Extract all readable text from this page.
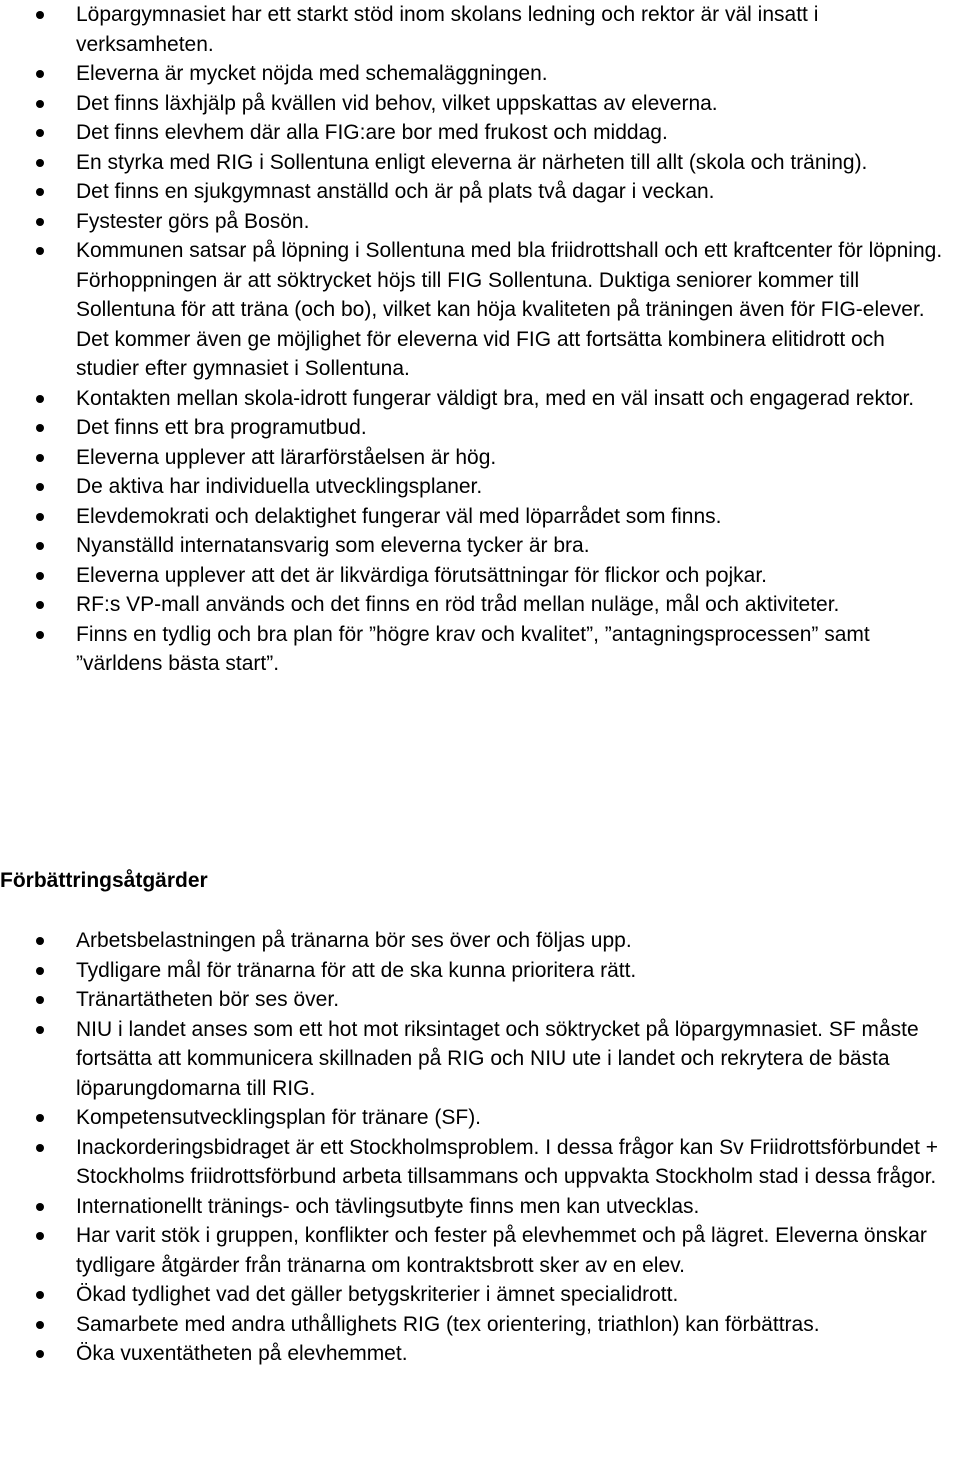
Löpargymnasiet har ett starkt stöd inom skolans ledning och rektor är väl insatt i verksamheten.
Eleverna är mycket nöjda med schemaläggningen.
Det finns läxhjälp på kvällen vid behov, vilket uppskattas av eleverna.
Det finns elevhem där alla FIG:are bor med frukost och middag.
En styrka med RIG i Sollentuna enligt eleverna är närheten till allt (skola och träning).
Det finns en sjukgymnast anställd och är på plats två dagar i veckan.
Fystester görs på Bosön.
Kommunen satsar på löpning i Sollentuna med bla friidrottshall och ett kraftcenter för löpning. Förhoppningen är att söktrycket höjs till FIG Sollentuna. Duktiga seniorer kommer till Sollentuna för att träna (och bo), vilket kan höja kvaliteten på träningen även för FIG-elever. Det kommer även ge möjlighet för eleverna vid FIG att fortsätta kombinera elitidrott och studier efter gymnasiet i Sollentuna.
Kontakten mellan skola-idrott fungerar väldigt bra, med en väl insatt och engagerad rektor.
Det finns ett bra programutbud.
Eleverna upplever att lärarförståelsen är hög.
De aktiva har individuella utvecklingsplaner.
Elevdemokrati och delaktighet fungerar väl med löparrådet som finns.
Nyanställd internatansvarig som eleverna tycker är bra.
Eleverna upplever att det är likvärdiga förutsättningar för flickor och pojkar.
RF:s VP-mall används och det finns en röd tråd mellan nuläge, mål och aktiviteter.
Finns en tydlig och bra plan för ”högre krav och kvalitet”, ”antagningsprocessen” samt ”världens bästa start”.
Förbättringsåtgärder
Arbetsbelastningen på tränarna bör ses över och följas upp.
Tydligare mål för tränarna för att de ska kunna prioritera rätt.
Tränartätheten bör ses över.
NIU i landet anses som ett hot mot riksintaget och söktrycket på löpargymnasiet. SF måste fortsätta att kommunicera skillnaden på RIG och NIU ute i landet och rekrytera de bästa löparungdomarna till RIG.
Kompetensutvecklingsplan för tränare (SF).
Inackorderingsbidraget är ett Stockholmsproblem. I dessa frågor kan Sv Friidrottsförbundet + Stockholms friidrottsförbund arbeta tillsammans och uppvakta Stockholm stad i dessa frågor.
Internationellt tränings- och tävlingsutbyte finns men kan utvecklas.
Har varit stök i gruppen, konflikter och fester på elevhemmet och på lägret. Eleverna önskar tydligare åtgärder från tränarna om kontraktsbrott sker av en elev.
Ökad tydlighet vad det gäller betygskriterier i ämnet specialidrott.
Samarbete med andra uthållighets RIG (tex orientering, triathlon) kan förbättras.
Öka vuxentätheten på elevhemmet.
